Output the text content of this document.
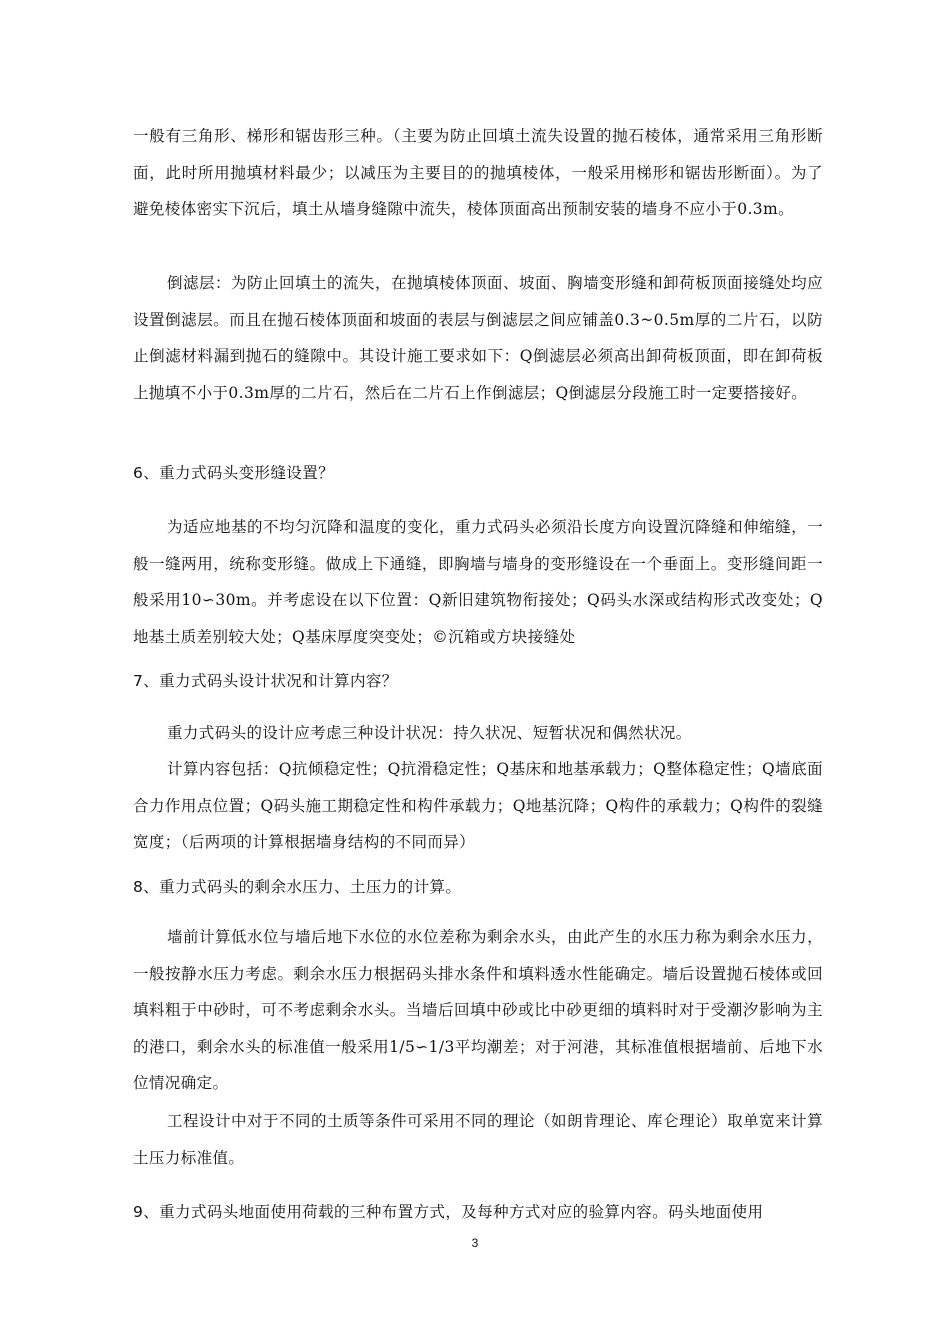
一般有三角形、梯形和锯齿形三种。（主要为防止回填土流失设置的抛石棱体，通常采用三角形断面，此时所用抛填材料最少；以减压为主要目的的抛填棱体，一般采用梯形和锯齿形断面）。为了避免棱体密实下沉后，填土从墙身缝隙中流失，棱体顶面高出预制安装的墙身不应小于0.3m。

倒滤层：为防止回填土的流失，在抛填棱体顶面、坡面、胸墙变形缝和卸荷板顶面接缝处均应设置倒滤层。而且在抛石棱体顶面和坡面的表层与倒滤层之间应铺盖0.3~0.5m厚的二片石，以防止倒滤材料漏到抛石的缝隙中。其设计施工要求如下：Q倒滤层必须高出卸荷板顶面，即在卸荷板上抛填不小于0.3m厚的二片石，然后在二片石上作倒滤层；Q倒滤层分段施工时一定要搭接好。

6、重力式码头变形缝设置？

为适应地基的不均匀沉降和温度的变化，重力式码头必须沿长度方向设置沉降缝和伸缩缝，一般一缝两用，统称变形缝。做成上下通缝，即胸墙与墙身的变形缝设在一个垂面上。变形缝间距一般采用10∽30m。并考虑设在以下位置：Q新旧建筑物衔接处；Q码头水深或结构形式改变处；Q地基土质差别较大处；Q基床厚度突变处；©沉箱或方块接缝处

7、重力式码头设计状况和计算内容？

重力式码头的设计应考虑三种设计状况：持久状况、短暂状况和偶然状况。

计算内容包括：Q抗倾稳定性；Q抗滑稳定性；Q基床和地基承载力；Q整体稳定性；Q墙底面合力作用点位置；Q码头施工期稳定性和构件承载力；Q地基沉降；Q构件的承载力；Q构件的裂缝宽度；（后两项的计算根据墙身结构的不同而异）

8、重力式码头的剩余水压力、土压力的计算。

墙前计算低水位与墙后地下水位的水位差称为剩余水头，由此产生的水压力称为剩余水压力，一般按静水压力考虑。剩余水压力根据码头排水条件和填料透水性能确定。墙后设置抛石棱体或回填料粗于中砂时，可不考虑剩余水头。当墙后回填中砂或比中砂更细的填料时对于受潮汐影响为主的港口，剩余水头的标准值一般采用1/5∽1/3平均潮差；对于河港，其标准值根据墙前、后地下水位情况确定。

工程设计中对于不同的土质等条件可采用不同的理论（如朗肯理论、库仑理论）取单宽来计算土压力标准值。

9、重力式码头地面使用荷载的三种布置方式，及每种方式对应的验算内容。码头地面使用

3
